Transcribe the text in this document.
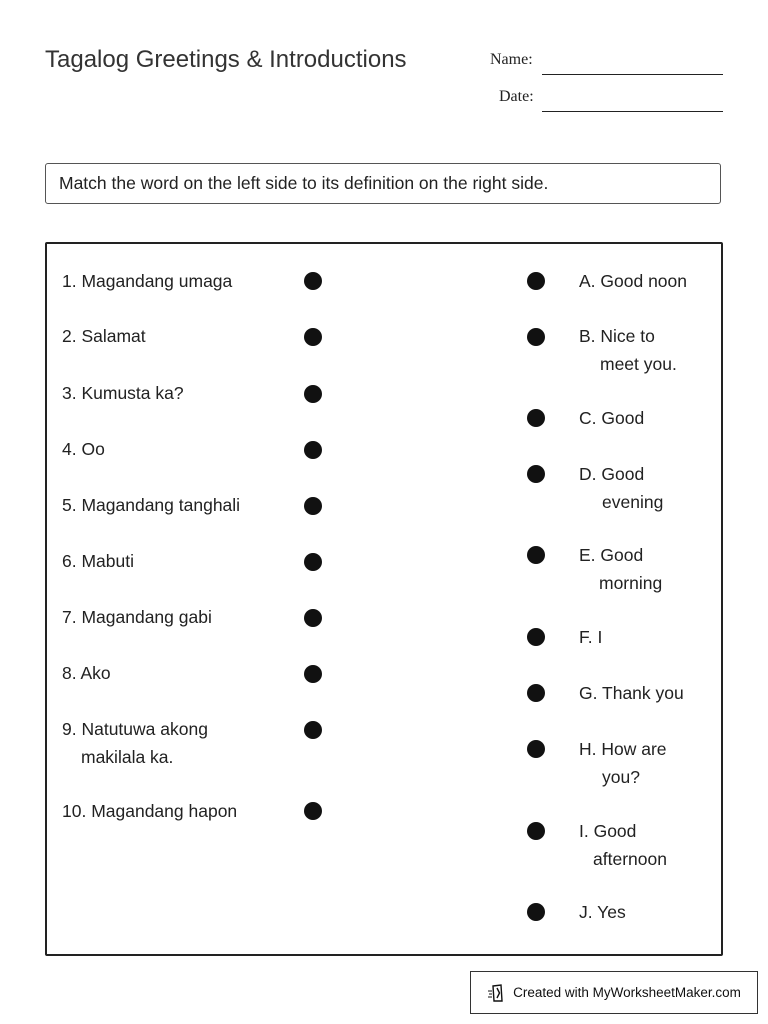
Tagalog Greetings & Introductions	Name:
Date:
Match the word on the left side to its definition on the right side.
1. Magandang umaga
2. Salamat
3. Kumusta ka?
4. Oo
5. Magandang tanghali
6. Mabuti
7. Magandang gabi
8. Ako
9. Natutuwa akong
makilala ka.
10. Magandang hapon
A. Good noon
B. Nice to
meet you.
C. Good
D. Good
evening
E. Good
morning
F. I
G. Thank you
H. How are
you?
I. Good
afternoon
J. Yes
Created with MyWorksheetMaker.com
